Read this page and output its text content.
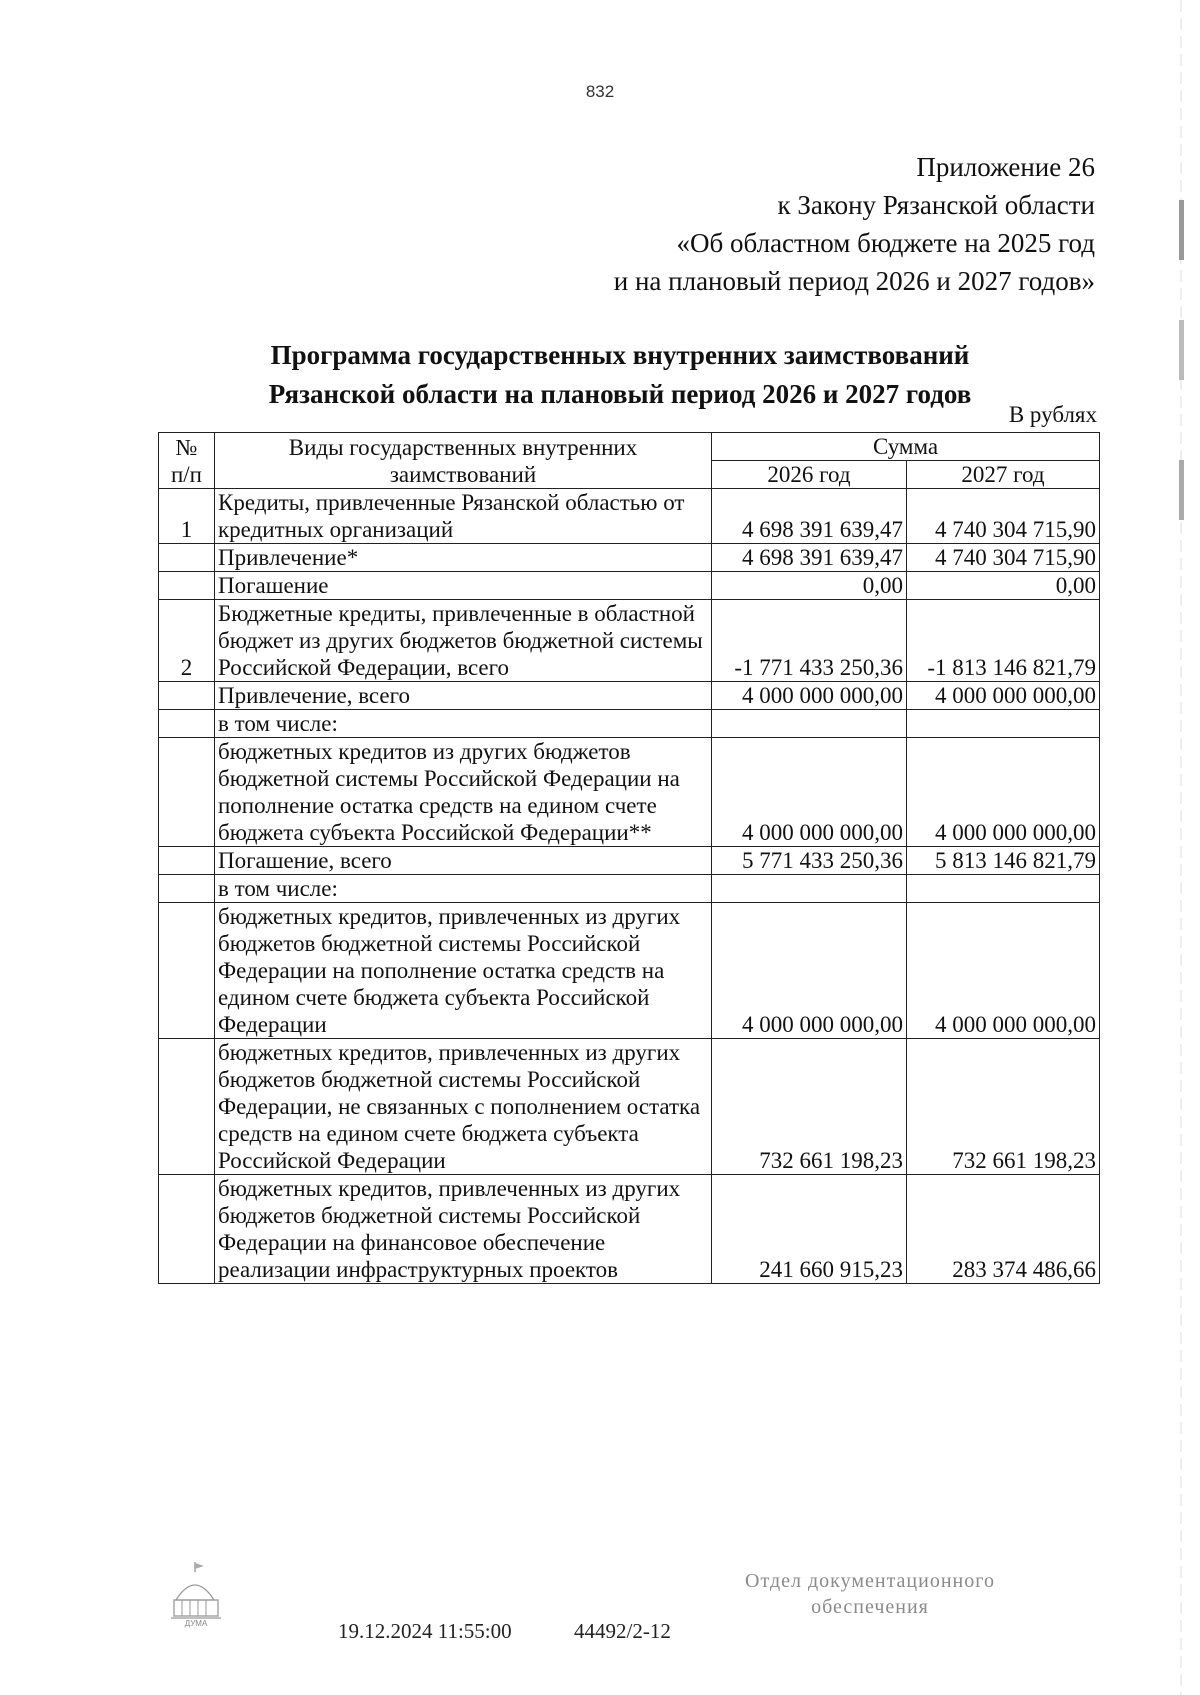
832
Приложение 26
к Закону Рязанской области
«Об областном бюджете на 2025 год
и на плановый период 2026 и 2027 годов»
Программа государственных внутренних заимствований
Рязанской области на плановый период 2026 и 2027 годов
В рублях
№ п/п	Виды государственных внутренних заимствований	Сумма	
		2026 год	2027 год
1	Кредиты, привлеченные Рязанской областью от кредитных организаций	4 698 391 639,47	4 740 304 715,90
	Привлечение*	4 698 391 639,47	4 740 304 715,90
	Погашение	0,00	0,00
2	Бюджетные кредиты, привлеченные в областной бюджет из других бюджетов бюджетной системы Российской Федерации, всего	-1 771 433 250,36	-1 813 146 821,79
	Привлечение, всего	4 000 000 000,00	4 000 000 000,00
	в том числе:		
	бюджетных кредитов из других бюджетов бюджетной системы Российской Федерации на пополнение остатка средств на едином счете бюджета субъекта Российской Федерации**	4 000 000 000,00	4 000 000 000,00
	Погашение, всего	5 771 433 250,36	5 813 146 821,79
	в том числе:		
	бюджетных кредитов, привлеченных из других бюджетов бюджетной системы Российской Федерации на пополнение остатка средств на едином счете бюджета субъекта Российской Федерации	4 000 000 000,00	4 000 000 000,00
	бюджетных кредитов, привлеченных из других бюджетов бюджетной системы Российской Федерации, не связанных с пополнением остатка средств на едином счете бюджета субъекта Российской Федерации	732 661 198,23	732 661 198,23
	бюджетных кредитов, привлеченных из других бюджетов бюджетной системы Российской Федерации на финансовое обеспечение реализации инфраструктурных проектов	241 660 915,23	283 374 486,66
ДУМА	19.12.2024 11:55:00	44492/2-12
Отдел документационного
обеспечения
